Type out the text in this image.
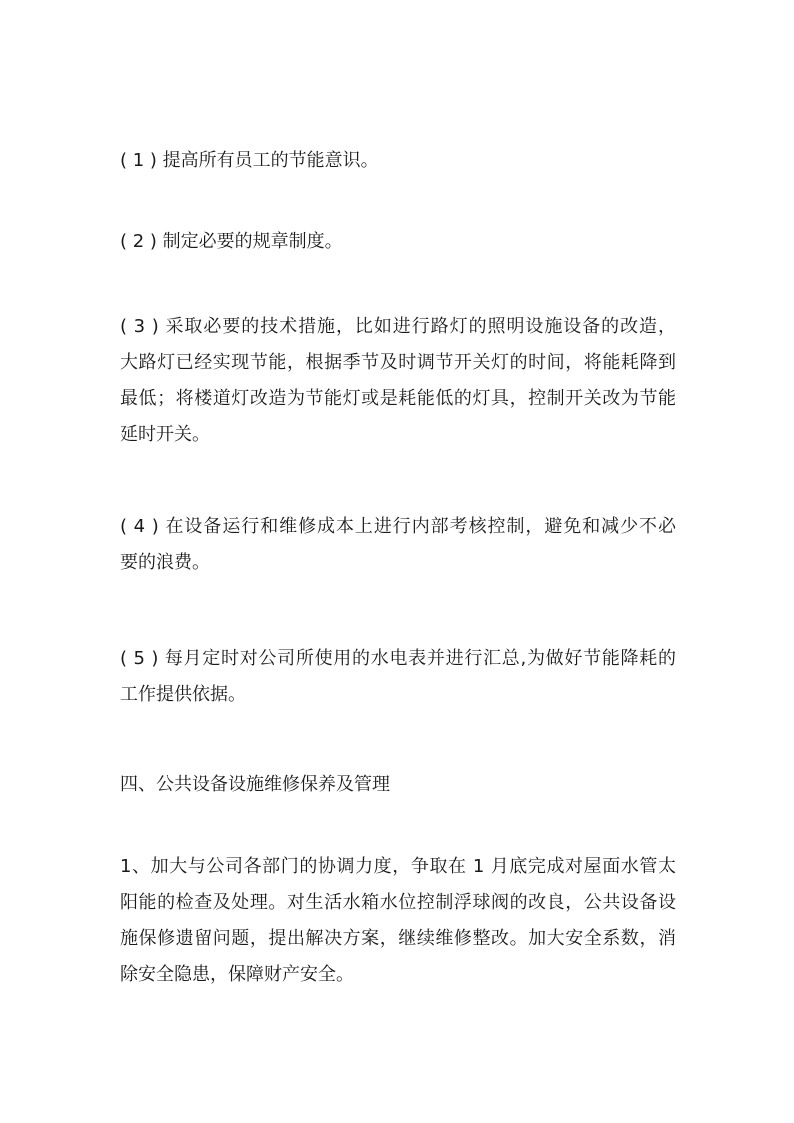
( 1 ) 提高所有员工的节能意识。

( 2 ) 制定必要的规章制度。

( 3 ) 采取必要的技术措施，比如进行路灯的照明设施设备的改造，
大路灯已经实现节能，根据季节及时调节开关灯的时间，将能耗降到
最低；将楼道灯改造为节能灯或是耗能低的灯具，控制开关改为节能
延时开关。

( 4 ) 在设备运行和维修成本上进行内部考核控制，避免和减少不必
要的浪费。

( 5 ) 每月定时对公司所使用的水电表并进行汇总,为做好节能降耗的
工作提供依据。

四、公共设备设施维修保养及管理

1、加大与公司各部门的协调力度，争取在 1 月底完成对屋面水管太
阳能的检查及处理。对生活水箱水位控制浮球阀的改良，公共设备设
施保修遗留问题，提出解决方案，继续维修整改。加大安全系数，消
除安全隐患，保障财产安全。
